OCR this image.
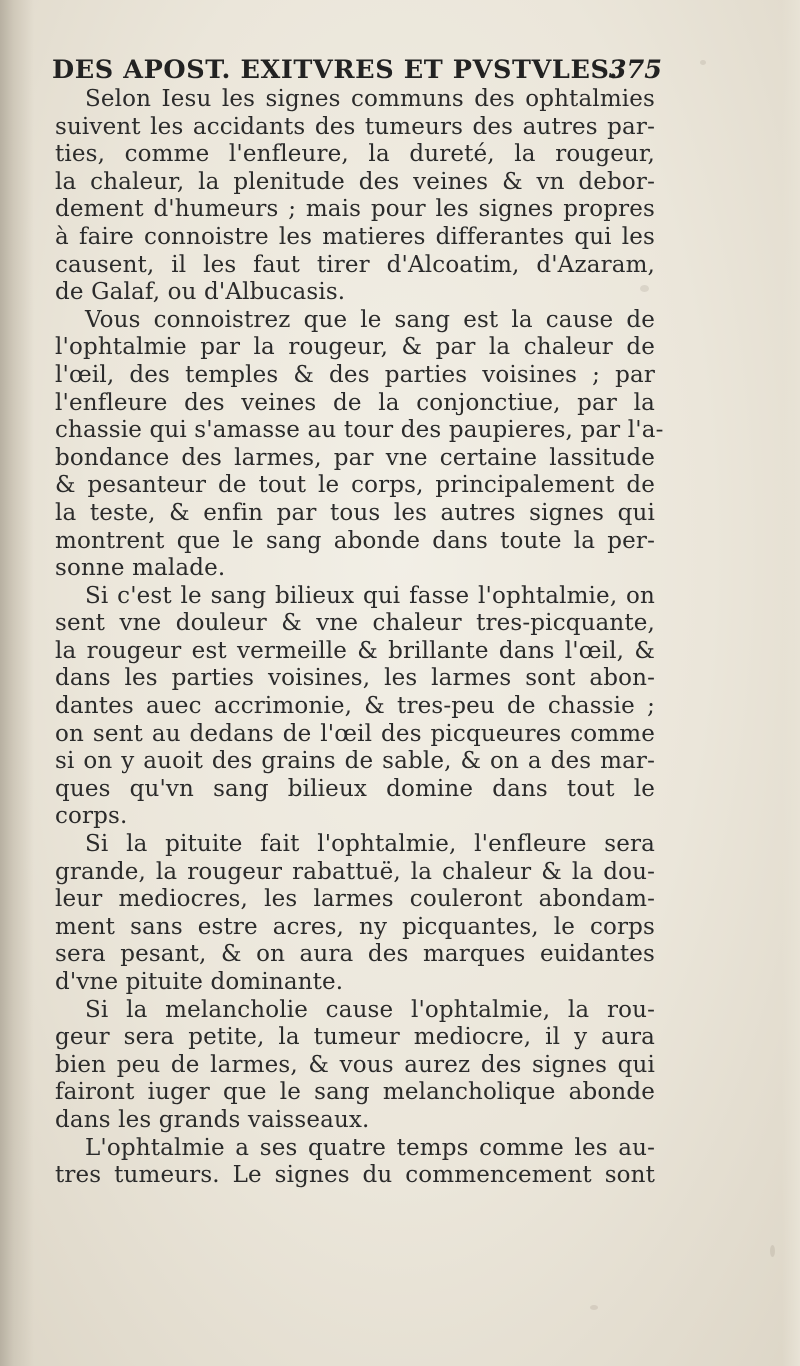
DES APOST. EXITVRES ET PVSTVLES.
375
Selon Iesu les signes communs des ophtalmies
suivent les accidants des tumeurs des autres par-
ties, comme l'enfleure, la dureté, la rougeur,
la chaleur, la plenitude des veines & vn debor-
dement d'humeurs ; mais pour les signes propres
à faire connoistre les matieres differantes qui les
causent, il les faut tirer d'Alcoatim, d'Azaram,
de Galaf, ou d'Albucasis.
Vous connoistrez que le sang est la cause de
l'ophtalmie par la rougeur, & par la chaleur de
l'œil, des temples & des parties voisines ; par
l'enfleure des veines de la conjonctiue, par la
chassie qui s'amasse au tour des paupieres, par l'a-
bondance des larmes, par vne certaine lassitude
& pesanteur de tout le corps, principalement de
la teste, & enfin par tous les autres signes qui
montrent que le sang abonde dans toute la per-
sonne malade.
Si c'est le sang bilieux qui fasse l'ophtalmie, on
sent vne douleur & vne chaleur tres-picquante,
la rougeur est vermeille & brillante dans l'œil, &
dans les parties voisines, les larmes sont abon-
dantes auec accrimonie, & tres-peu de chassie ;
on sent au dedans de l'œil des picqueures comme
si on y auoit des grains de sable, & on a des mar-
ques qu'vn sang bilieux domine dans tout le
corps.
Si la pituite fait l'ophtalmie, l'enfleure sera
grande, la rougeur rabattuë, la chaleur & la dou-
leur mediocres, les larmes couleront abondam-
ment sans estre acres, ny picquantes, le corps
sera pesant, & on aura des marques euidantes
d'vne pituite dominante.
Si la melancholie cause l'ophtalmie, la rou-
geur sera petite, la tumeur mediocre, il y aura
bien peu de larmes, & vous aurez des signes qui
fairont iuger que le sang melancholique abonde
dans les grands vaisseaux.
L'ophtalmie a ses quatre temps comme les au-
tres tumeurs. Le signes du commencement sont
